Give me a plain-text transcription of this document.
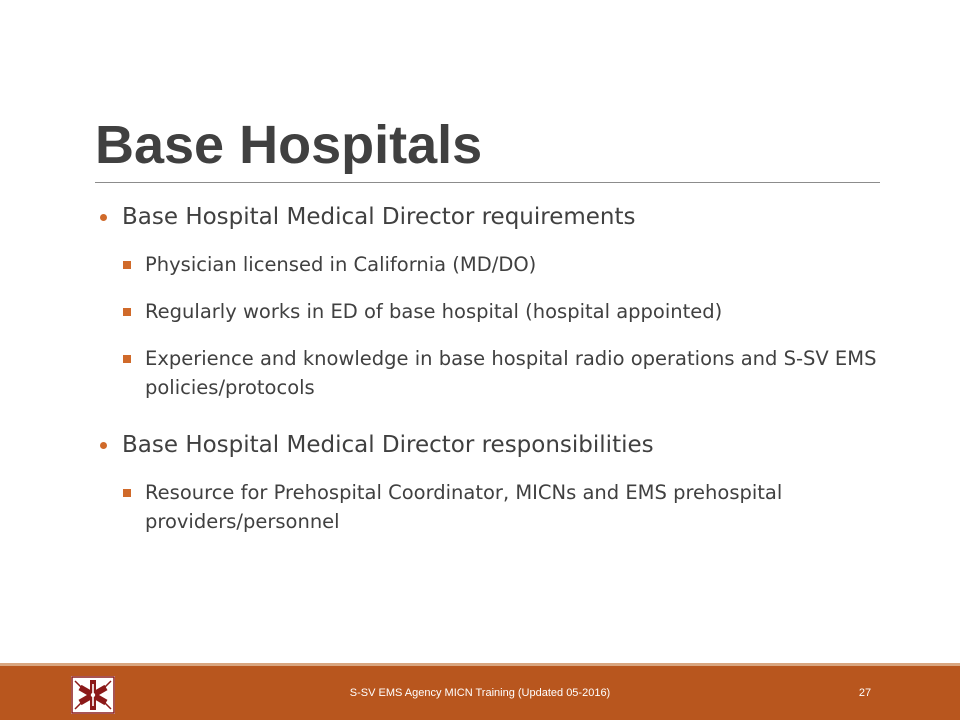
Base Hospitals
Base Hospital Medical Director requirements
Physician licensed in California (MD/DO)
Regularly works in ED of base hospital (hospital appointed)
Experience and knowledge in base hospital radio operations and S-SV EMS policies/protocols
Base Hospital Medical Director responsibilities
Resource for Prehospital Coordinator, MICNs and EMS prehospital providers/personnel
S-SV EMS Agency MICN Training (Updated 05-2016)	27
